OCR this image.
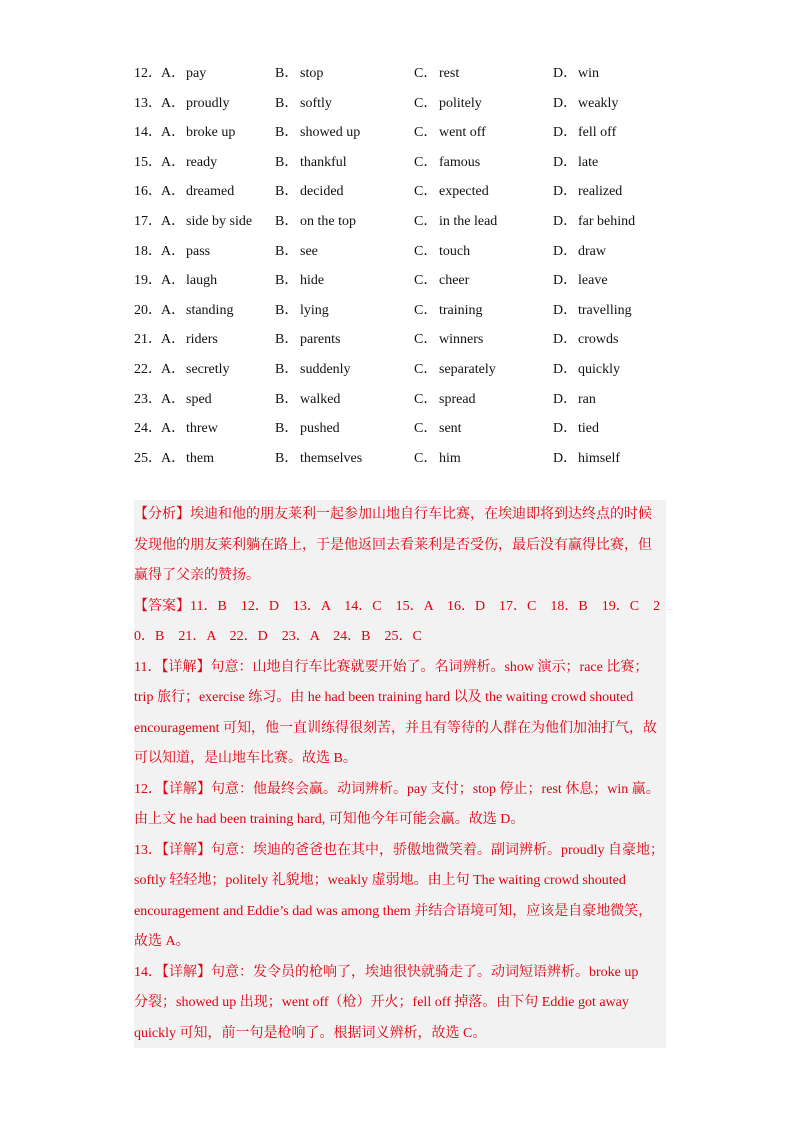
12． A．pay	B． stop	C． rest	D．win
13． A．proudly	B． softly	C． politely	D．weakly
14． A．broke up	B． showed up	C． went off	D．fell off
15． A．ready	B． thankful	C． famous	D．late
16． A．dreamed	B． decided	C． expected	D．realized
17． A．side by side B． on the top	C． in the lead	D．far behind
18． A．pass	B． see	C． touch	D．draw
19． A．laugh	B． hide	C． cheer	D．leave
20． A．standing	B． lying	C． training	D．travelling
21． A．riders	B． parents	C． winners	D．crowds
22． A．secretly	B． suddenly	C． separately	D．quickly
23． A．sped	B． walked	C． spread	D．ran
24． A．threw	B． pushed	C． sent	D．tied
25． A．them	B． themselves	C． him	D．himself
【分析】埃迪和他的朋友莱利一起参加山地自行车比赛，在埃迪即将到达终点的时候
发现他的朋友莱利躺在路上，于是他返回去看莱利是否受伤，最后没有赢得比赛，但
赢得了父亲的赞扬。
【答案】11．B　12．D　13．A　14．C　15．A　16．D　17．C　18．B　19．C　2
0．B　21．A　22．D　23．A　24．B　25．C
11．【详解】句意：山地自行车比赛就要开始了。名词辨析。show 演示；race 比赛；
trip 旅行；exercise 练习。由 he had been training hard 以及 the waiting crowd shouted
encouragement 可知，他一直训练得很刻苦，并且有等待的人群在为他们加油打气，故
可以知道，是山地车比赛。故选 B。
12．【详解】句意：他最终会赢。动词辨析。pay 支付；stop 停止；rest 休息；win 赢。
由上文 he had been training hard, 可知他今年可能会赢。故选 D。
13．【详解】句意：埃迪的爸爸也在其中，骄傲地微笑着。副词辨析。proudly 自豪地；
softly 轻轻地；politely 礼貌地；weakly 虚弱地。由上句 The waiting crowd shouted
encouragement and Eddie’s dad was among them 并结合语境可知，应该是自豪地微笑，
故选 A。
14．【详解】句意：发令员的枪响了，埃迪很快就骑走了。动词短语辨析。broke up
分裂；showed up 出现；went off（枪）开火；fell off 掉落。由下句 Eddie got away
quickly 可知，前一句是枪响了。根据词义辨析，故选 C。
